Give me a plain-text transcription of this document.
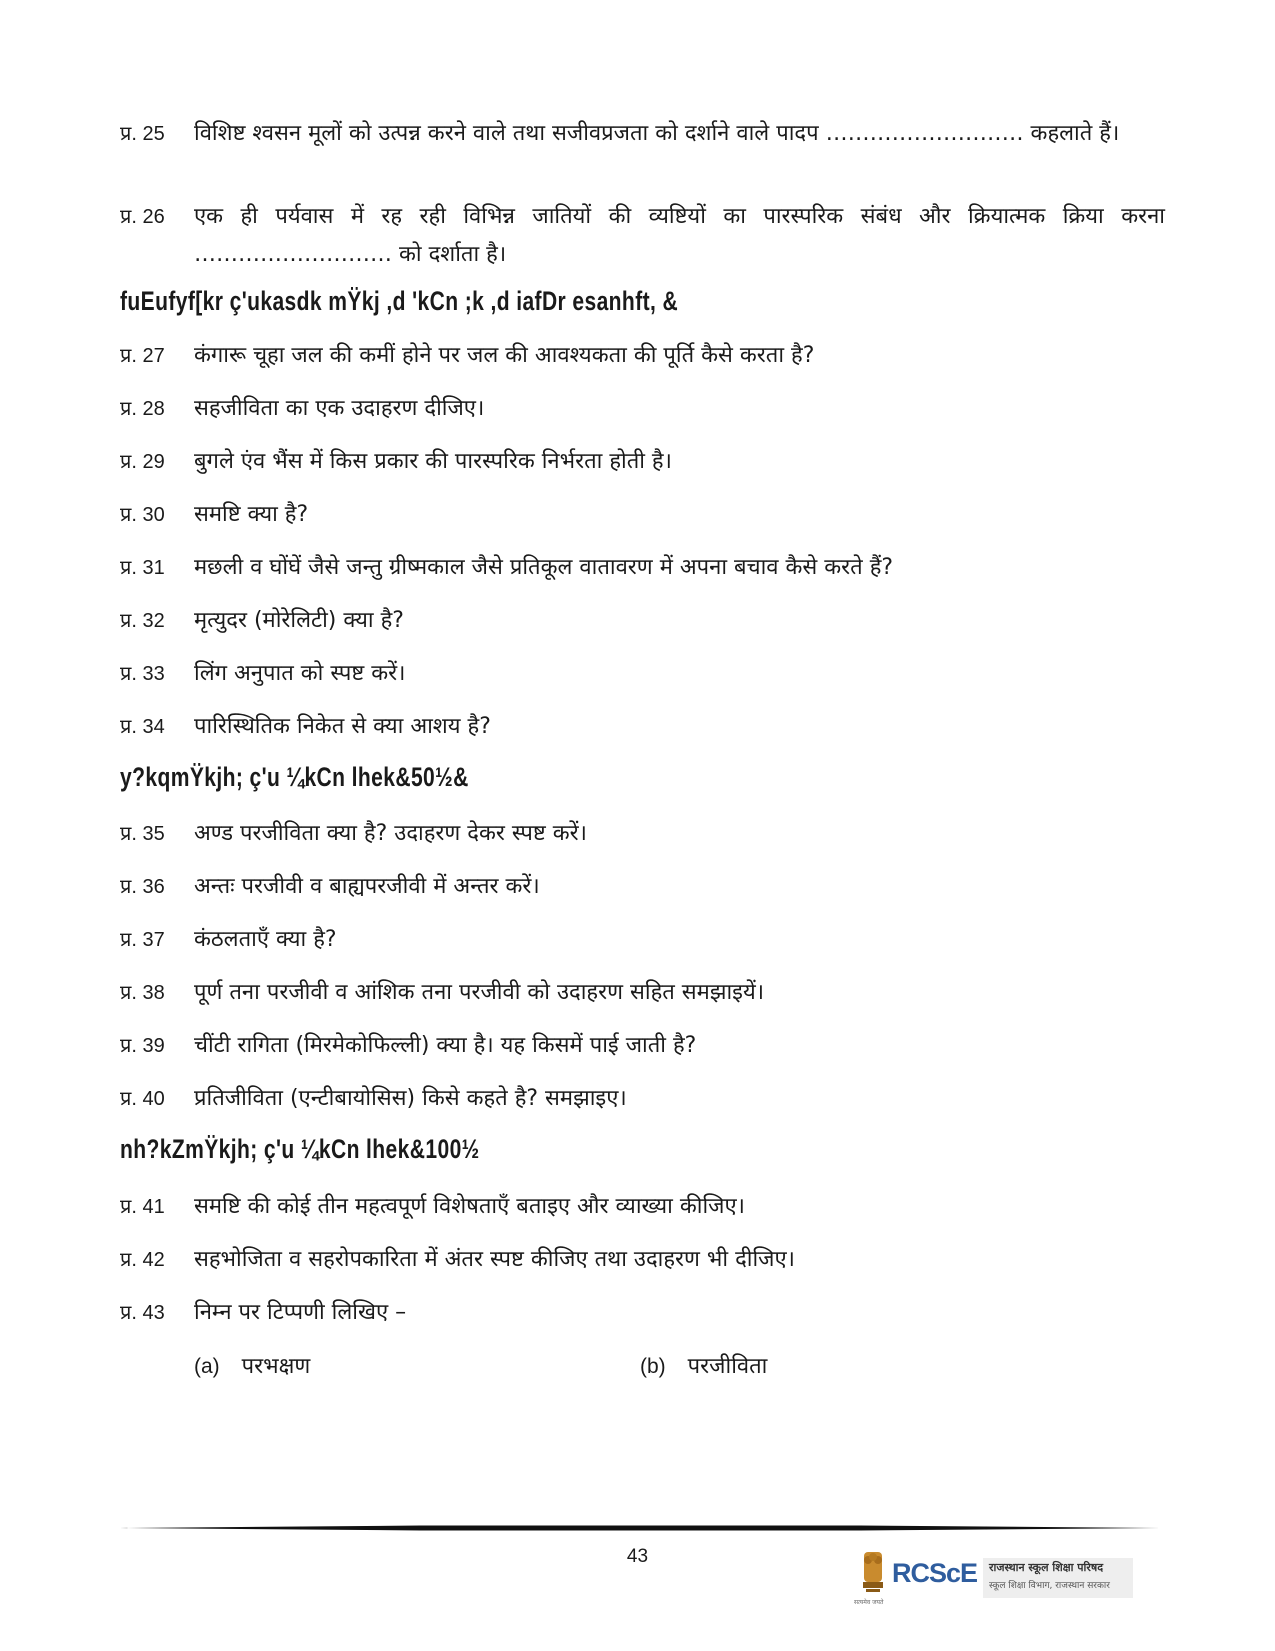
प्र. 25	विशिष्ट श्वसन मूलों को उत्पन्न करने वाले तथा सजीवप्रजता को दर्शाने वाले पादप ……………………… कहलाते हैं।
प्र. 26	एक ही पर्यवास में रह रही विभिन्न जातियों की व्यष्टियों का पारस्परिक संबंध और क्रियात्मक क्रिया करना ……………………… को दर्शाता है।
fuEufyf[kr ç'ukasdk mŸkj ,d 'kCn ;k ,d iafDr esanhft, &
प्र. 27	कंगारू चूहा जल की कमीं होने पर जल की आवश्यकता की पूर्ति कैसे करता है?
प्र. 28	सहजीविता का एक उदाहरण दीजिए।
प्र. 29	बुगले एंव भैंस में किस प्रकार की पारस्परिक निर्भरता होती है।
प्र. 30	समष्टि क्या है?
प्र. 31	मछली व घोंघें जैसे जन्तु ग्रीष्मकाल जैसे प्रतिकूल वातावरण में अपना बचाव कैसे करते हैं?
प्र. 32	मृत्युदर (मोरेलिटी) क्या है?
प्र. 33	लिंग अनुपात को स्पष्ट करें।
प्र. 34	पारिस्थितिक निकेत से क्या आशय है?
y?kqmŸkjh; ç'u ¼kCn lhek&50½&
प्र. 35	अण्ड परजीविता क्या है? उदाहरण देकर स्पष्ट करें।
प्र. 36	अन्तः परजीवी व बाह्यपरजीवी में अन्तर करें।
प्र. 37	कंठलताएँ क्या है?
प्र. 38	पूर्ण तना परजीवी व आंशिक तना परजीवी को उदाहरण सहित समझाइयें।
प्र. 39	चींटी रागिता (मिरमेकोफिल्ली) क्या है। यह किसमें पाई जाती है?
प्र. 40	प्रतिजीविता (एन्टीबायोसिस) किसे कहते है? समझाइए।
nh?kZmŸkjh; ç'u ¼kCn lhek&100½
प्र. 41	समष्टि की कोई तीन महत्वपूर्ण विशेषताएँ बताइए और व्याख्या कीजिए।
प्र. 42	सहभोजिता व सहरोपकारिता में अंतर स्पष्ट कीजिए तथा उदाहरण भी दीजिए।
प्र. 43	निम्न पर टिप्पणी लिखिए –
(a) परभक्षण	(b) परजीविता
43
सत्यमेव जयते
RCScE राजस्थान स्कूल शिक्षा परिषद
स्कूल शिक्षा विभाग, राजस्थान सरकार
